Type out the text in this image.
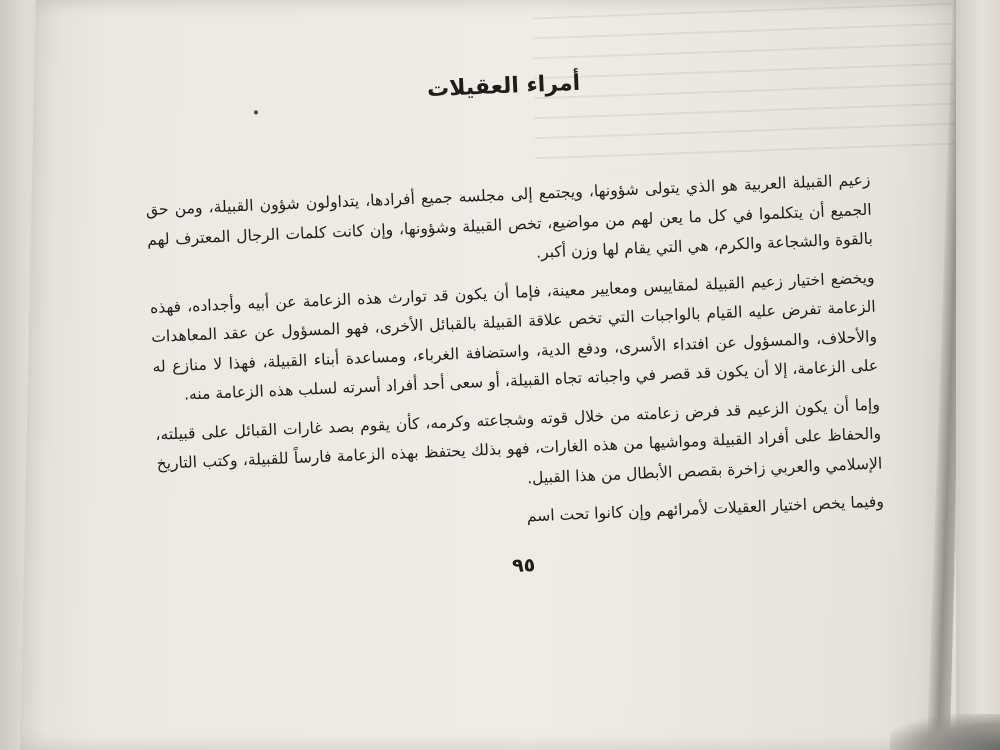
أمراء العقيلات

زعيم القبيلة العربية هو الذي يتولى شؤونها، ويجتمع إلى مجلسه جميع أفرادها، يتداولون شؤون القبيلة، ومن حق الجميع أن يتكلموا في كل ما يعن لهم من مواضيع، تخص القبيلة وشؤونها، وإن كانت كلمات الرجال المعترف لهم بالقوة والشجاعة والكرم، هي التي يقام لها وزن أكبر.

ويخضع اختيار زعيم القبيلة لمقاييس ومعايير معينة، فإما أن يكون قد توارث هذه الزعامة عن أبيه وأجداده، فهذه الزعامة تفرض عليه القيام بالواجبات التي تخص علاقة القبيلة بالقبائل الأخرى، فهو المسؤول عن عقد المعاهدات والأحلاف، والمسؤول عن افتداء الأسرى، ودفع الدية، واستضافة الغرباء، ومساعدة أبناء القبيلة، فهذا لا منازع له على الزعامة، إلا أن يكون قد قصر في واجباته تجاه القبيلة، أو سعى أحد أفراد أسرته لسلب هذه الزعامة منه.

وإما أن يكون الزعيم قد فرض زعامته من خلال قوته وشجاعته وكرمه، كأن يقوم بصد غارات القبائل على قبيلته، والحفاظ على أفراد القبيلة ومواشيها من هذه الغارات، فهو بذلك يحتفظ بهذه الزعامة فارساً للقبيلة، وكتب التاريخ الإسلامي والعربي زاخرة بقصص الأبطال من هذا القبيل.

وفيما يخص اختيار العقيلات لأمرائهم وإن كانوا تحت اسم

٩٥
